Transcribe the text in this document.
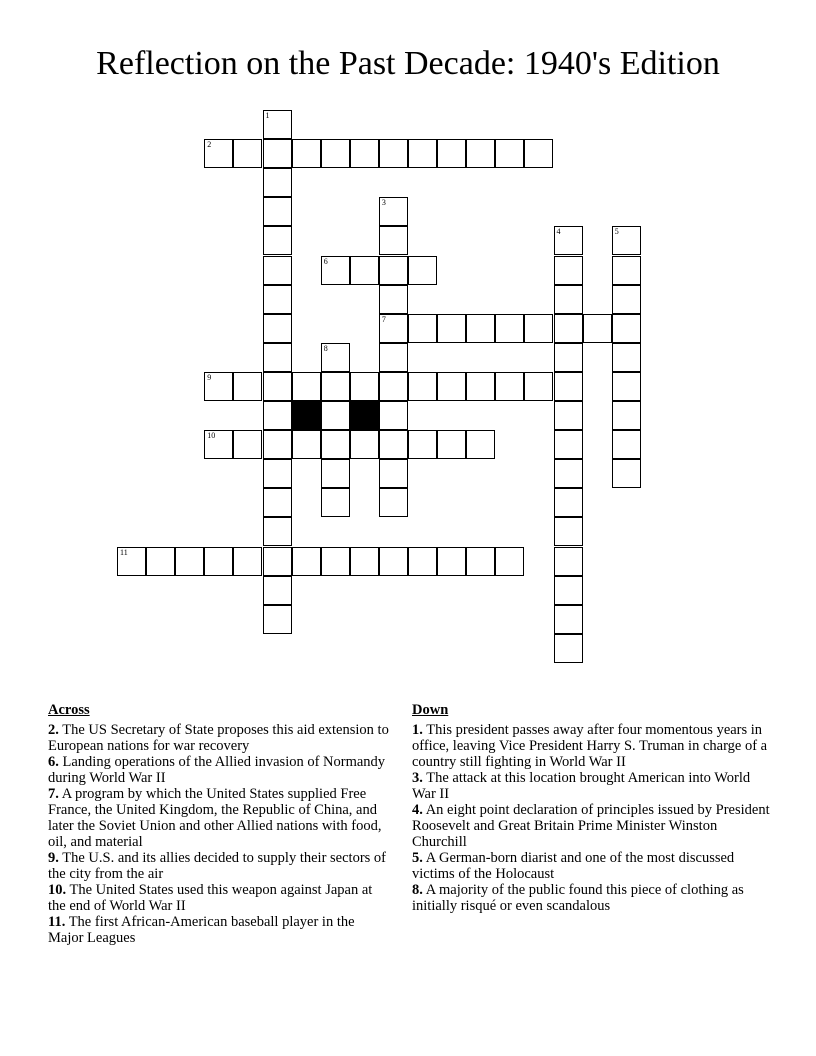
Reflection on the Past Decade: 1940's Edition
1
2
3
4	5
6
7
8
9
10
11
Across
2. The US Secretary of State proposes this aid extension to European nations for war recovery
6. Landing operations of the Allied invasion of Normandy during World War II
7. A program by which the United States supplied Free France, the United Kingdom, the Republic of China, and later the Soviet Union and other Allied nations with food, oil, and material
9. The U.S. and its allies decided to supply their sectors of the city from the air
10. The United States used this weapon against Japan at the end of World War II
11. The first African-American baseball player in the Major Leagues
Down
1. This president passes away after four momentous years in office, leaving Vice President Harry S. Truman in charge of a country still fighting in World War II
3. The attack at this location brought American into World War II
4. An eight point declaration of principles issued by President Roosevelt and Great Britain Prime Minister Winston Churchill
5. A German-born diarist and one of the most discussed victims of the Holocaust
8. A majority of the public found this piece of clothing as initially risqué or even scandalous
